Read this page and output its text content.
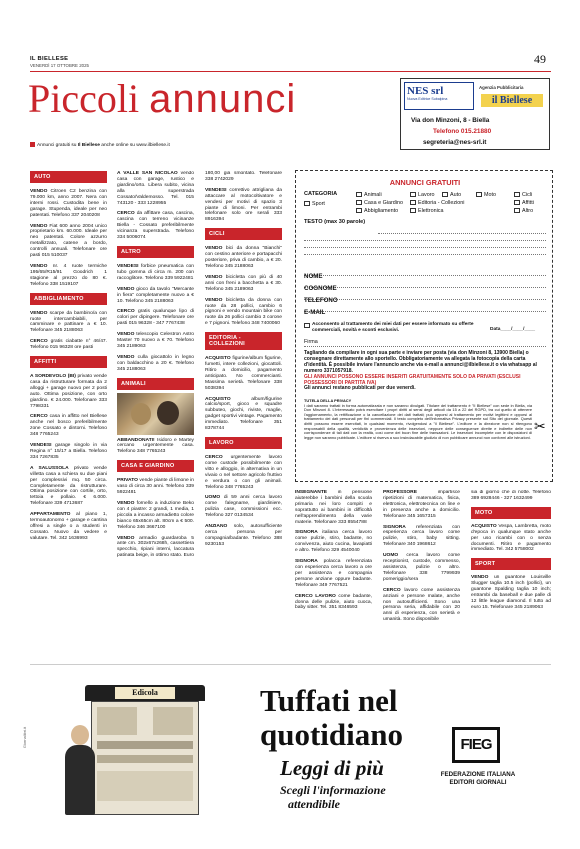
IL BIELLESE
VENERDÌ 17 OTTOBRE 2025	49
Piccoli annunci
Annunci gratuiti su Il Biellese anche online su www.ilbiellese.it
NES srl
Nuova Editrice Subalpina
Agenzia Pubblicitaria
il Biellese
Via don Minzoni, 8 - Biella
Telefono 015.21880
segreteria@nes-srl.it
AUTO
VENDO Citroen C2 benzina con 79.000 km, anno 2007. Nera con interni rossi. Custodita bene in garage. Stupenda, ideale per neo patentati. Telefono 337 2040208
VENDO Fiat 600 anno 2004 unico proprietario km. 60.000. Ideale per neo patentati. Colore azzurro metallizzato, catene a bordo, controlli annuali. Telefonare ore pasti 015 510037
VENDO nr. 4 ruote termiche 195/65/R15/91 Goodrich 1 stagione al prezzo do 80 €. Telefono 338 1519107
ABBIGLIAMENTO
VENDO scarpe da bambino/a con ruote intercambiabili, per camminare e pattinare a € 10. Telefonare 345 2188063
CERCO gratis ciabatte n° 46/47. Telefono 015 96328 ore pasti
AFFITTI
A SORDEVOLO (BI) privato vende casa da ristrutturare formata da 2 alloggi + garage nuovo per 2 posti auto. Ottima posizione, con orto giardino. € 24.000. Telefonare 333 7798331
CERCO casa in affitto nel Biellese anche nel bosco preferibilmente zone Cossato e dintorni. Telefono 348 7765243
VENDESI garage singolo in via Regina n° 15/17 a Biella. Telefono 334 7267835
A SALUSSOLA privato vende villetta casa a schiera su due piani per complessivi mq. 50 circa. Completamente da ristrutturare. Ottima posizione con cortile, orto, tettoia e pollaio. € 6.000. Telefonare 339 4713687
APPARTAMENTO al piano 1, termoautonomo + garage e cantina offresi a single o a studenti in Cossato. Nuovo da vedere e valutare. Tel. 342 1636993
A VALLE SAN NICOLAO vendo casa con garage, rustico e giardino/orto. Libera subito, vicina alla superstrada Cossato/Valdemosso. Tel. 015 743120 - 333 1228955
CERCO da affittare casa, cascina, cascina con terreno vicinanze Biella - Cossato preferibilmente vicinanza superstrada. Telefono 334 5006074
ALTRO
VENDESI forbice pneumatica con tubo gomma di circa m. 200 con raccoglitore. Telefono 339 5922481
VENDO gioco da tavolo "Mercante in fiera" completamente nuovo a € 10. Telefono 345 2188063
CERCO gratis qualunque lipo di colori per dipingere. Telefonare ore pasti 015 96328 - 347 7767438
VENDO telescopio Celestron Astro Master 70 nuovo a € 70. Telefono 345 2189063
VENDO culla giocattolo in legno con baldacchino a 20 €. Telefono 345 2188063
ANIMALI
ABBANDONATI! Isidoro e Martey cercano urgentemente casa. Telefono 348 7765243
CASA E GIARDINO
PRIVATO vende piante di limone in vaso di circa 30 anni. Telefono 339 5922481
VENDO fornello a induzione Beko con 4 piastre: 2 grandi, 1 media, 1 piccola a incasso armadietto colore bianco 65x65cm alt. 80cm a € 500. Telefono 346 3667100
VENDO armadio guardaroba 5 ante cm. 302x67x268h, cassettiera specchio, ripiani interni, laccatura patinata beige, in ottimo stato. Euro
180,00 già smontato. Telefonare 338 2742029
VENDESI correttivo attrigliana da attaccare al motocoltivatore e vendesi per motivi di spazio 3 piante di limoni. Per entrambi telefonare solo ore serali 333 8916394
CICLI
VENDO bici da donna "Bianchi" con cestino anteriore e portapacchi posteriore, priva di cambio, a € 20. Telefono 345 2188063
VENDO bicicletta con più di 40 anni con freni a bacchetta a € 30. Telefono 345 2189063
VENDO bicicletta da donna con ruote da 28 pollici, cambio 6 pignoni e vendo mountain bike con ruote da 26 pollici cambio 3 corone e 7 pignoni. Telefono 348 7400060
EDITORIA - COLLEZIONI
ACQUISTO figurine/album figurine, fumetti, intere collezioni, giocattoli. Ritiro a domicilio, pagamento anticipato. No commercianti. Massima serietà. Telefonare 338 5038394
ACQUISTO	album/figurine calcio/sport, gioco e squadre subbuteo, giochi, riviste, maglie, gadget sportivi vintage. Pagamento immediato. Telefonare 351 8378744
LAVORO
CERCO urgentemente lavoro come custode possibilmente con vitto e alloggio, in alternativa in un vivaio o nel settore agricolo fruttivo e verdura o con gli animali. Telefono 348 7765243
UOMO di 59 anni cerca lavoro come falegname, giardiniere, pulizia case, commissioni ecc. Telefono 327 0134534
ANZIANO solo, autosufficiente cerca persona per compagnia/badante. Telefono 388 9230153
ANNUNCI GRATUITI
CATEGORIA
Sport
Animali
Casa e Giardino
Abbigliamento
Lavoro	Auto
Editoria - Collezioni
Elettronica
Moto	Cicli
Affitti
Altro
TESTO (max 30 parole)
NOME
COGNOME
TELEFONO
E-MAIL
Acconsento al trattamento dei miei dati per essere informato su offerte commerciali, novità e sconti esclusivi.	Data____/____/____
Firma
Tagliando da compilare in ogni sua parte e inviare per posta (via don Minzoni 8, 13900 Biella) o consegnare direttamente allo sportello. Obbligatoriamente va allegata la fotocopia della carta d'identità. È possibile inviare l'annuncio anche via e-mail a annunci@ilbiellese.it o via whatsapp al numero 3371057918.
GLI ANNUNCI POSSONO ESSERE INSERITI GRATUITAMENTE SOLO DA PRIVATI (ESCLUSI POSSESSORI DI PARTITA IVA)
Gli annunci restano pubblicati per due venerdì.
TUTELA DELLA PRIVACY
I dati saranno trattati in forma automatizzata e non saranno divulgati. Titolare del trattamento è "Il Biellese" con sede in Biella, via Don Minzoni 8. L'interessato potrà esercitare i propri diritti ai sensi degli articoli da 15 a 22 del RGPD, tra cui quello di ottenere l'aggiornamento, la rettificazione o la cancellazione dei dati trattati; può opporsi al trattamento per motivi legittimi e opporsi al trattamento dei dati personali per fini commerciali. Il testo completo dell'informativa Privacy presente sul Sito del giornale. Questi diritti possono essere esercitati, in qualsiasi momento, rivolgendosi a "il Biellese". L'editore e la direzione non si ritengono responsabili della qualità, veridicità e provenienza delle inserzioni, neppure delle conseguenze dirette e indirette delle non corrispondenze di tali dati con la realtà, così come dei buon fine delle transazioni. Le inserzioni incomplete con le disposizioni di legge non saranno pubblicate. L'editore si riserva a suo insindacabile giudizio di non pubblicare annunci non conformi alle istruzioni.
✂
INSEGNANTE in pensione aiuterebbe i bambini della scuola primaria nei loro compiti e soprattutto ai bambini in difficoltà nell'apprendimento della varie materie. Telefonare 333 8554788
SIGNORA italiana cerca lavoro come pulizie, stiro, badante, no convivenza, aiuto cucina, lavapiatti e altro. Telefono 329 4540040
SIGNORA polacca referenziata con esperienza cerca lavoro a ore per assistenza e compagnia persone anziane oppure badante. Telefonare 349 7767521
CERCO LAVORO come badante, donna delle pulizie, aiuto cuoca, baby sitter. Tel. 351 8346593
PROFESSORE	impartisce ripetizioni di matematica, fisica, elettronica, elettrotecnica on line e in presenza anche a domicilio. Telefonare 345 1657315
SIGNORA referenziata con esperienza cerca lavoro come pulizie, stiro, baby sitting. Telefonare 340 1968612
UOMO cerca lavoro come receptionist, custode, commesso, assistenza, pulizie o altro. Telefonare 338 7799939 pomeriggio/sera
CERCO lavoro come assistenza anziani e persone malate, anche non autosufficienti. Sono una persona seria, affidabile con 20 anni di esperienza, con serietà e umanità. Sono disponibile
sia di giorno che di notte. Telefono 389 6928446 - 327 1632499
MOTO
ACQUISTO Vespa, Lambretta, moto d'epoca in qualunque stato anche per uso ricambi con o senza documenti. Ritiro e pagamento immediato. Tel. 342 5758002
SPORT
VENDO un guantone Louisville Slugger taglia 10.5 inch (pollici), un guantone Spalding taglia 10 inch; entrambi da baseball e due palle di 12 little league diamond. Il tutto ad euro 15. Telefonare 345 2189063
Giornalibri.it
Edicola	Tuffati nel
quotidiano
Leggi di più
Scegli l'informazione
attendibile
FIEG
FEDERAZIONE ITALIANA
EDITORI GIORNALI
